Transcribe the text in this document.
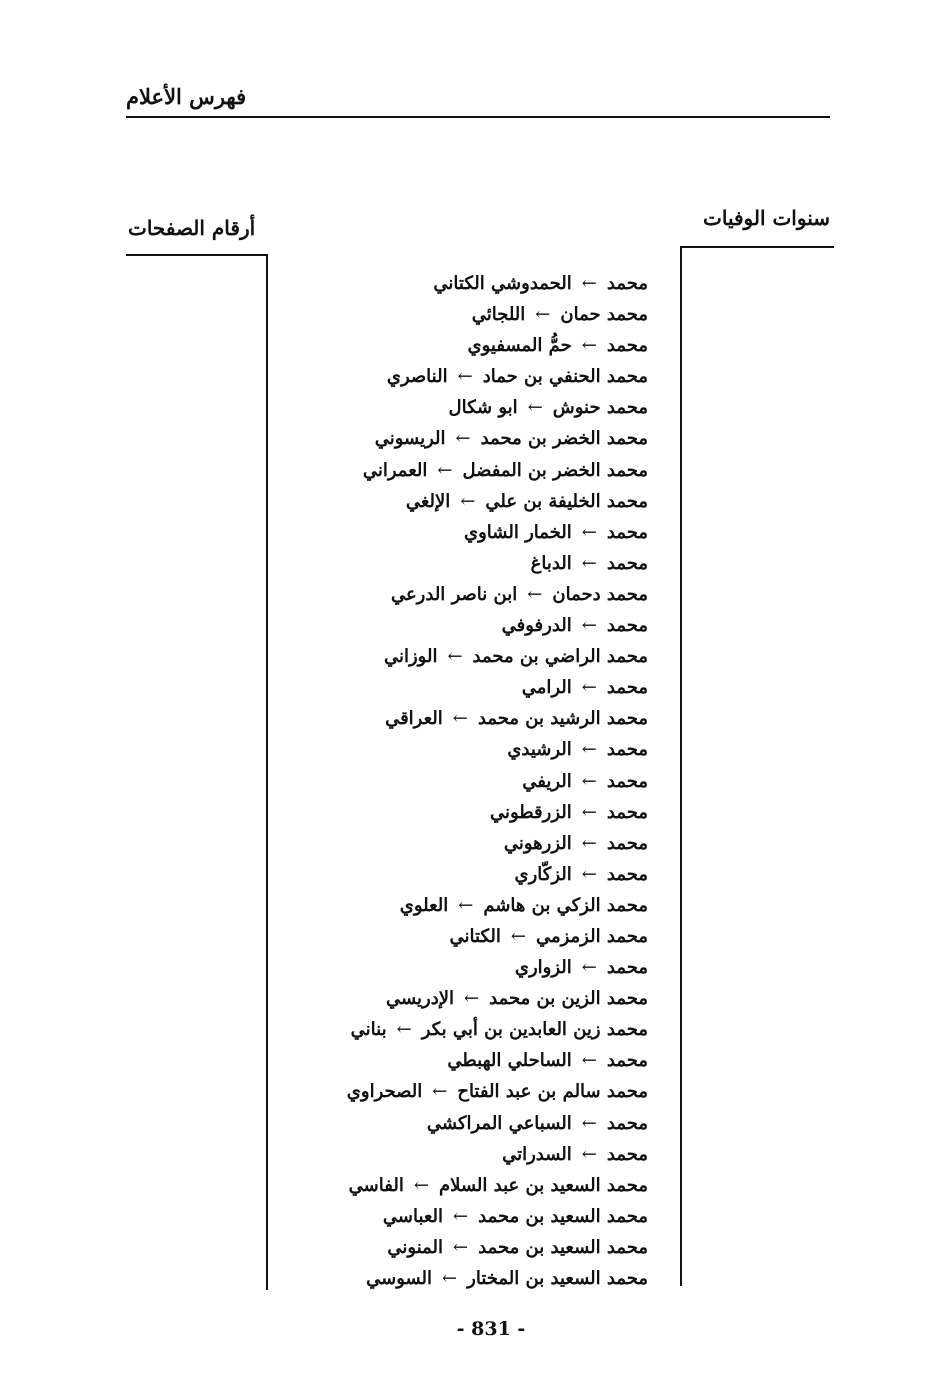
فهرس الأعلام
سنوات الوفيات
أرقام الصفحات
محمد←الحمدوشي الكتاني
محمد حمان←اللجائي
محمد←حمُّ المسفيوي
محمد الحنفي بن حماد←الناصري
محمد حنوش←ابو شكال
محمد الخضر بن محمد←الريسوني
محمد الخضر بن المفضل←العمراني
محمد الخليفة بن علي←الإلغي
محمد←الخمار الشاوي
محمد←الدباغ
محمد دحمان←ابن ناصر الدرعي
محمد←الدرفوفي
محمد الراضي بن محمد←الوزاني
محمد←الرامي
محمد الرشيد بن محمد←العراقي
محمد←الرشيدي
محمد←الريفي
محمد←الزرقطوني
محمد←الزرهوني
محمد←الزكّاري
محمد الزكي بن هاشم←العلوي
محمد الزمزمي←الكتاني
محمد←الزواري
محمد الزين بن محمد←الإدريسي
محمد زين العابدين بن أبي بكر←بناني
محمد←الساحلي الهبطي
محمد سالم بن عبد الفتاح←الصحراوي
محمد←السباعي المراكشي
محمد←السدراتي
محمد السعيد بن عبد السلام←الفاسي
محمد السعيد بن محمد←العباسي
محمد السعيد بن محمد←المنوني
محمد السعيد بن المختار←السوسي
- 831 -
